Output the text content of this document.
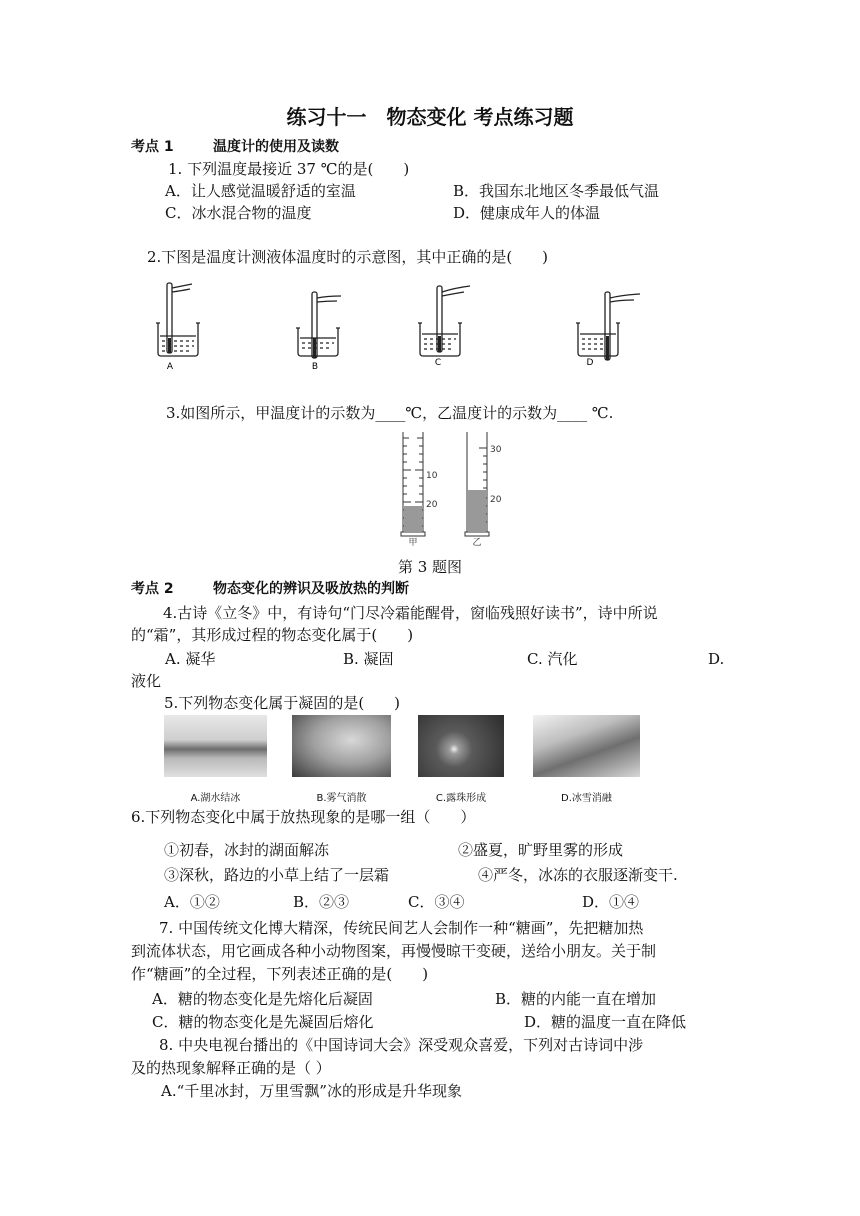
练习十一　物态变化 考点练习题
考点 1	温度计的使用及读数
1. 下列温度最接近 37 ℃的是(　　)
A．让人感觉温暖舒适的室温	B．我国东北地区冬季最低气温
C．冰水混合物的温度	D．健康成年人的体温
2.下图是温度计测液体温度时的示意图，其中正确的是(　　)
A	B	C	D
3.如图所示，甲温度计的示数为____℃，乙温度计的示数为____ ℃.
10
20
30
20
甲	乙
第 3 题图
考点 2	物态变化的辨识及吸放热的判断
4.古诗《立冬》中，有诗句“门尽冷霜能醒骨，窗临残照好读书”，诗中所说
的“霜”，其形成过程的物态变化属于(　　)
A. 凝华	B. 凝固	C. 汽化	D.
液化
5.下列物态变化属于凝固的是(　　)
A.湖水结冰	B.雾气消散	C.露珠形成	D.冰雪消融
6.下列物态变化中属于放热现象的是哪一组（　　）
①初春，冰封的湖面解冻	②盛夏，旷野里雾的形成
③深秋，路边的小草上结了一层霜	④严冬，冰冻的衣服逐渐变干.
A．①②	B．②③	C．③④	D．①④
7. 中国传统文化博大精深，传统民间艺人会制作一种“糖画”，先把糖加热
到流体状态，用它画成各种小动物图案，再慢慢晾干变硬，送给小朋友。关于制
作“糖画”的全过程，下列表述正确的是(　　)
A．糖的物态变化是先熔化后凝固	B．糖的内能一直在增加
C．糖的物态变化是先凝固后熔化	D．糖的温度一直在降低
8. 中央电视台播出的《中国诗词大会》深受观众喜爱，下列对古诗词中涉
及的热现象解释正确的是（ ）
A.“千里冰封，万里雪飘”冰的形成是升华现象
